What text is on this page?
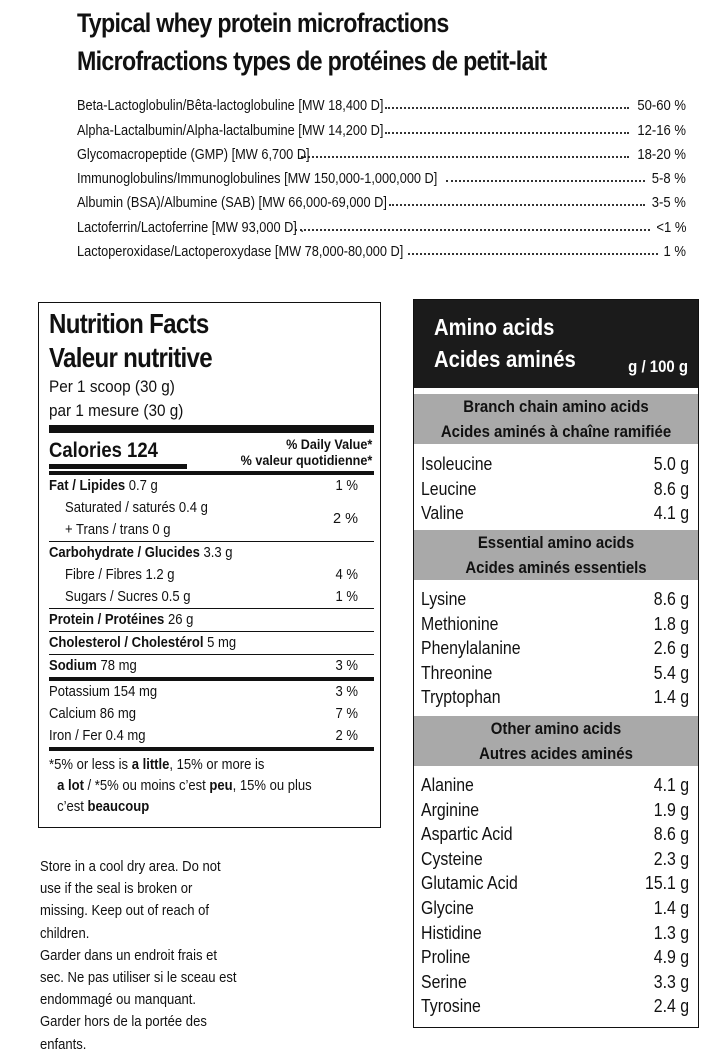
Typical whey protein microfractions
Microfractions types de protéines de petit-lait
Beta-Lactoglobulin/Bêta-lactoglobuline [MW 18,400 D]	50-60 %
Alpha-Lactalbumin/Alpha-lactalbumine [MW 14,200 D]	12-16 %
Glycomacropeptide (GMP) [MW 6,700 D]	18-20 %
Immunoglobulins/Immunoglobulines [MW 150,000-1,000,000 D]	5-8 %
Albumin (BSA)/Albumine (SAB) [MW 66,000-69,000 D]	3-5 %
Lactoferrin/Lactoferrine [MW 93,000 D] .	<1 %
Lactoperoxidase/Lactoperoxydase [MW 78,000-80,000 D]	1 %
Nutrition Facts
Valeur nutritive
Per 1 scoop (30 g)
par 1 mesure (30 g)
Calories 124	% Daily Value*
% valeur quotidienne*
Fat / Lipides 0.7 g	1 %
Saturated / saturés 0.4 g
+ Trans / trans 0 g
2 %
Carbohydrate / Glucides 3.3 g
Fibre / Fibres 1.2 g	4 %
Sugars / Sucres 0.5 g	1 %
Protein / Protéines 26 g
Cholesterol / Cholestérol 5 mg
Sodium 78 mg	3 %
Potassium 154 mg	3 %
Calcium 86 mg	7 %
Iron / Fer 0.4 mg	2 %
*5% or less is a little, 15% or more is
a lot / *5% ou moins c’est peu, 15% ou plus
c’est beaucoup
Store in a cool dry area. Do not
use if the seal is broken or
missing. Keep out of reach of
children.
Garder dans un endroit frais et
sec. Ne pas utiliser si le sceau est
endommagé ou manquant.
Garder hors de la portée des
enfants.
Amino acids
Acides aminés	g / 100 g
Branch chain amino acids
Acides aminés à chaîne ramifiée
Isoleucine	5.0 g
Leucine	8.6 g
Valine	4.1 g
Essential amino acids
Acides aminés essentiels
Lysine	8.6 g
Methionine	1.8 g
Phenylalanine	2.6 g
Threonine	5.4 g
Tryptophan	1.4 g
Other amino acids
Autres acides aminés
Alanine	4.1 g
Arginine	1.9 g
Aspartic Acid	8.6 g
Cysteine	2.3 g
Glutamic Acid	15.1 g
Glycine	1.4 g
Histidine	1.3 g
Proline	4.9 g
Serine	3.3 g
Tyrosine	2.4 g
